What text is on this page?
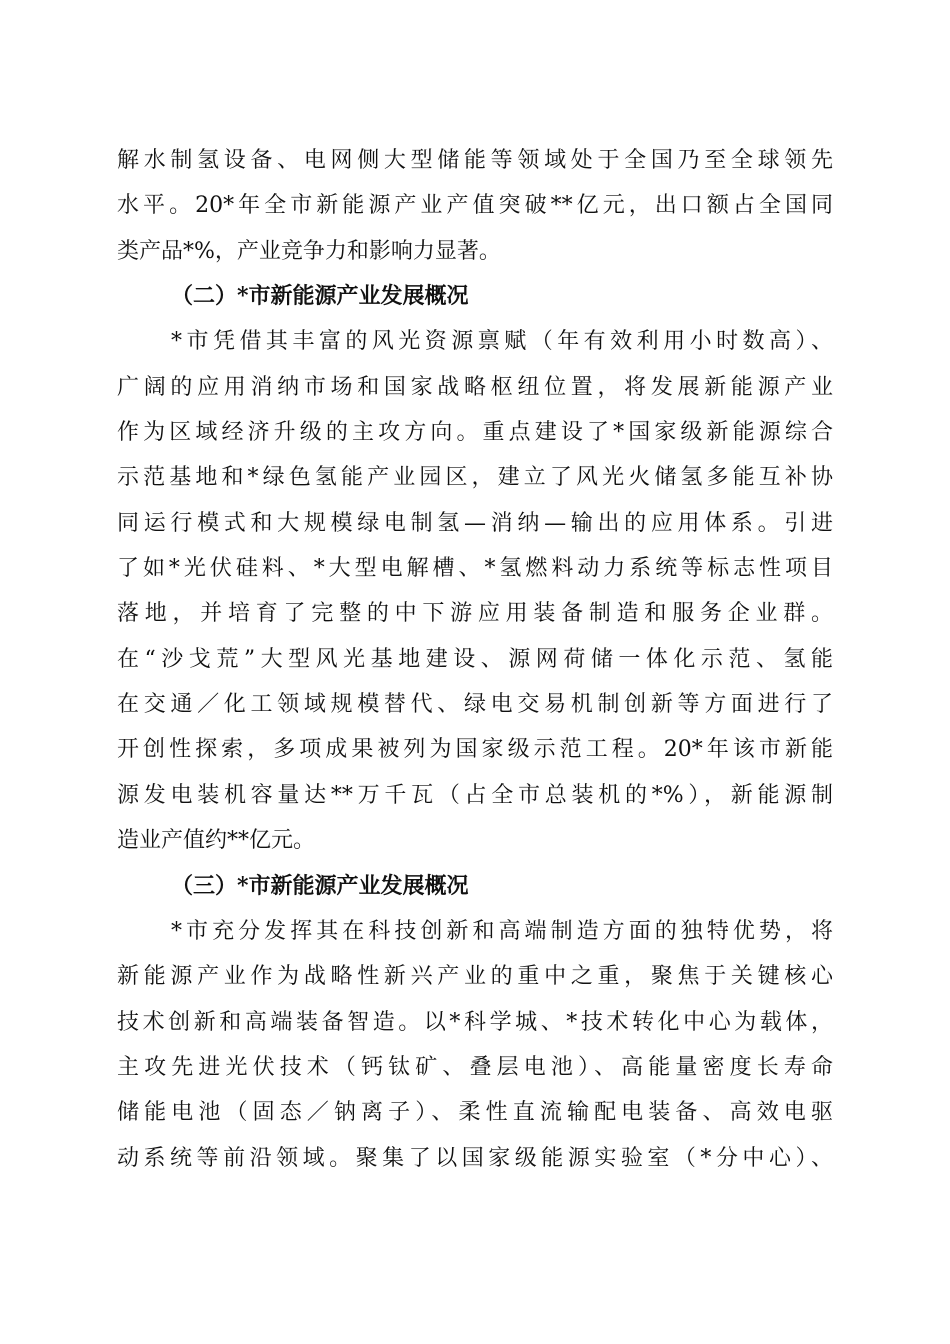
解水制氢设备、电网侧大型储能等领域处于全国乃至全球领先
水平。20*年全市新能源产业产值突破**亿元，出口额占全国同
类产品*%，产业竞争力和影响力显著。
（二）*市新能源产业发展概况
*市凭借其丰富的风光资源禀赋（年有效利用小时数高）、
广阔的应用消纳市场和国家战略枢纽位置，将发展新能源产业
作为区域经济升级的主攻方向。重点建设了*国家级新能源综合
示范基地和*绿色氢能产业园区，建立了风光火储氢多能互补协
同运行模式和大规模绿电制氢—消纳—输出的应用体系。引进
了如*光伏硅料、*大型电解槽、*氢燃料动力系统等标志性项目
落地，并培育了完整的中下游应用装备制造和服务企业群。
在“沙戈荒”大型风光基地建设、源网荷储一体化示范、氢能
在交通／化工领域规模替代、绿电交易机制创新等方面进行了
开创性探索，多项成果被列为国家级示范工程。20*年该市新能
源发电装机容量达**万千瓦（占全市总装机的*%），新能源制
造业产值约**亿元。
（三）*市新能源产业发展概况
*市充分发挥其在科技创新和高端制造方面的独特优势，将
新能源产业作为战略性新兴产业的重中之重，聚焦于关键核心
技术创新和高端装备智造。以*科学城、*技术转化中心为载体，
主攻先进光伏技术（钙钛矿、叠层电池）、高能量密度长寿命
储能电池（固态／钠离子）、柔性直流输配电装备、高效电驱
动系统等前沿领域。聚集了以国家级能源实验室（*分中心）、
